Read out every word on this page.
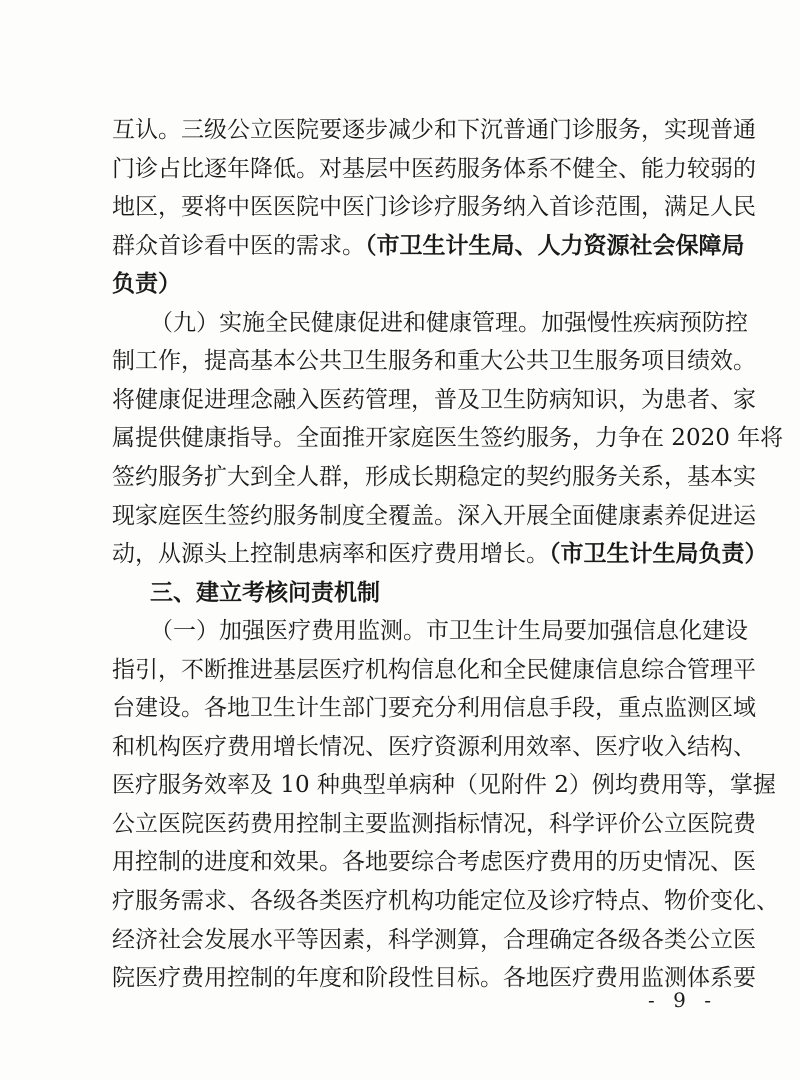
互认。三级公立医院要逐步减少和下沉普通门诊服务，实现普通
门诊占比逐年降低。对基层中医药服务体系不健全、能力较弱的
地区，要将中医医院中医门诊诊疗服务纳入首诊范围，满足人民
群众首诊看中医的需求。（市卫生计生局、人力资源社会保障局
负责）
（九）实施全民健康促进和健康管理。加强慢性疾病预防控
制工作，提高基本公共卫生服务和重大公共卫生服务项目绩效。
将健康促进理念融入医药管理，普及卫生防病知识，为患者、家
属提供健康指导。全面推开家庭医生签约服务，力争在 2020 年将
签约服务扩大到全人群，形成长期稳定的契约服务关系，基本实
现家庭医生签约服务制度全覆盖。深入开展全面健康素养促进运
动，从源头上控制患病率和医疗费用增长。（市卫生计生局负责）
三、建立考核问责机制
（一）加强医疗费用监测。市卫生计生局要加强信息化建设
指引，不断推进基层医疗机构信息化和全民健康信息综合管理平
台建设。各地卫生计生部门要充分利用信息手段，重点监测区域
和机构医疗费用增长情况、医疗资源利用效率、医疗收入结构、
医疗服务效率及 10 种典型单病种（见附件 2）例均费用等，掌握
公立医院医药费用控制主要监测指标情况，科学评价公立医院费
用控制的进度和效果。各地要综合考虑医疗费用的历史情况、医
疗服务需求、各级各类医疗机构功能定位及诊疗特点、物价变化、
经济社会发展水平等因素，科学测算，合理确定各级各类公立医
院医疗费用控制的年度和阶段性目标。各地医疗费用监测体系要
- 9 -
